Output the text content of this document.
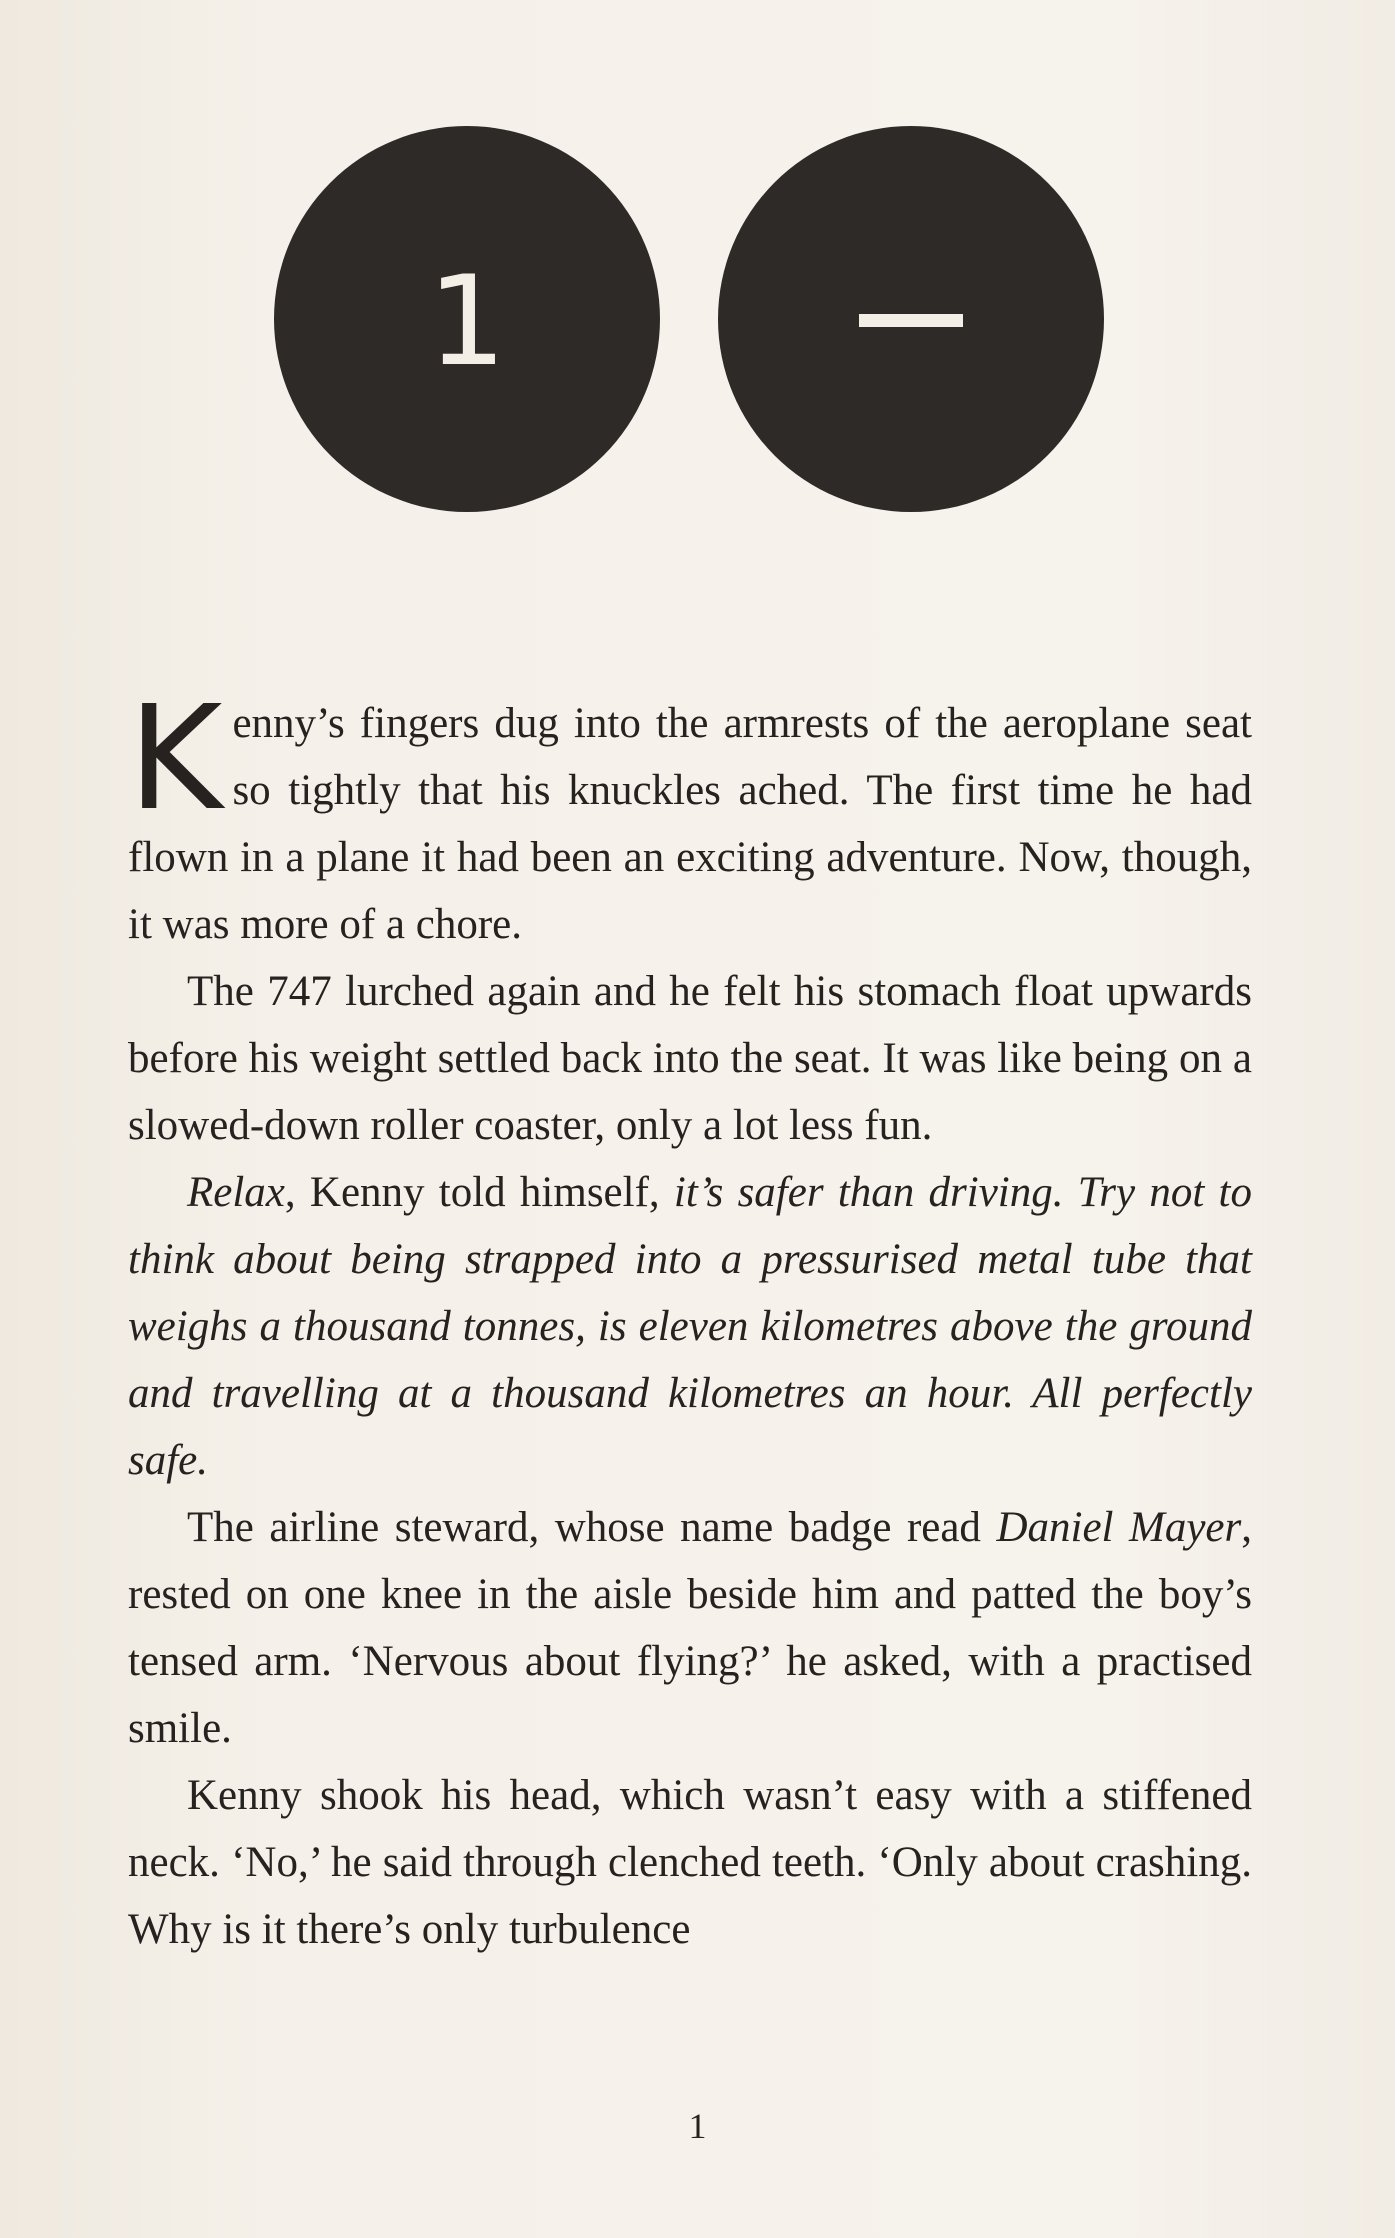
1

Kenny’s fingers dug into the armrests of the aeroplane seat so tightly that his knuckles ached. The first time he had flown in a plane it had been an exciting adventure. Now, though, it was more of a chore.

The 747 lurched again and he felt his stomach float upwards before his weight settled back into the seat. It was like being on a slowed-down roller coaster, only a lot less fun.

Relax, Kenny told himself, it’s safer than driving. Try not to think about being strapped into a pressurised metal tube that weighs a thousand tonnes, is eleven kilometres above the ground and travelling at a thousand kilometres an hour. All perfectly safe.

The airline steward, whose name badge read Daniel Mayer, rested on one knee in the aisle beside him and patted the boy’s tensed arm. ‘Nervous about flying?’ he asked, with a practised smile.

Kenny shook his head, which wasn’t easy with a stiffened neck. ‘No,’ he said through clenched teeth. ‘Only about crashing. Why is it there’s only turbulence

1
